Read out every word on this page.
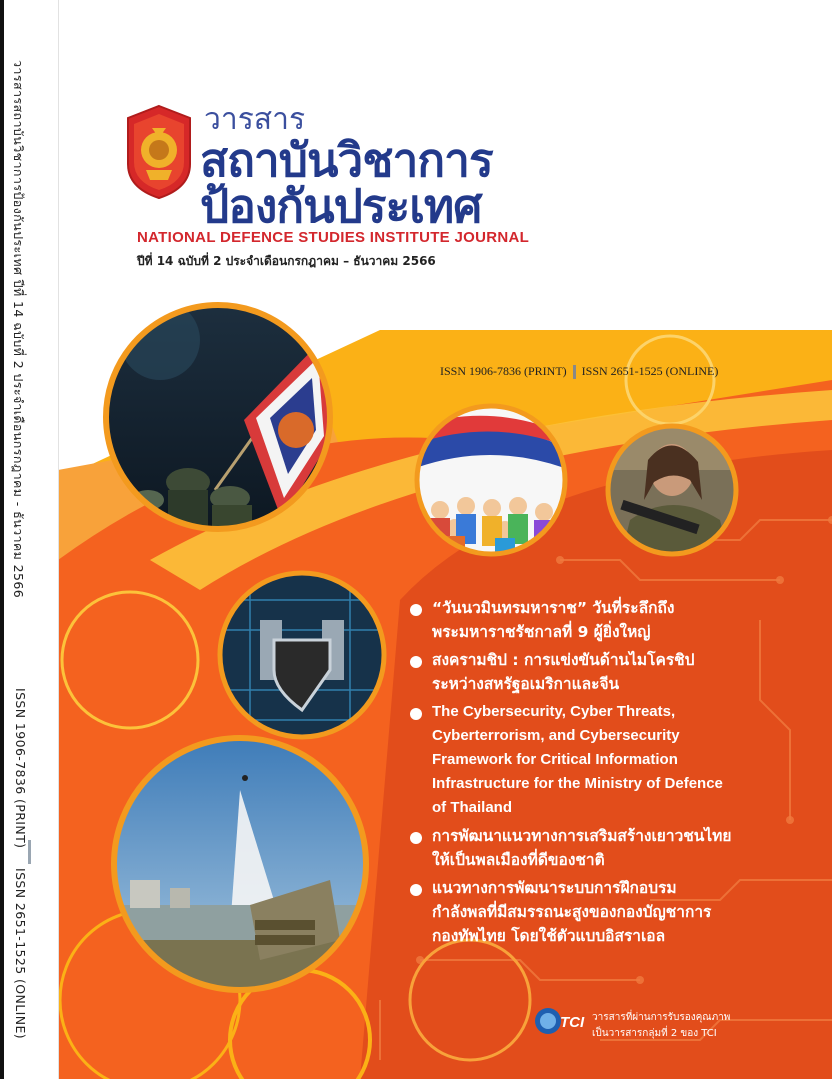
วารสาร
สถาบันวิชาการ
ป้องกันประเทศ
NATIONAL DEFENCE STUDIES INSTITUTE JOURNAL
ปีที่ 14 ฉบับที่ 2 ประจำเดือนกรกฎาคม – ธันวาคม 2566
ISSN 1906-7836 (PRINT) ISSN 2651-1525 (ONLINE)
“วันนวมินทรมหาราช” วันที่ระลึกถึง
พระมหาราชรัชกาลที่ 9 ผู้ยิ่งใหญ่
สงครามชิป : การแข่งขันด้านไมโครชิป
ระหว่างสหรัฐอเมริกาและจีน
The Cybersecurity, Cyber Threats,
Cyberterrorism, and Cybersecurity
Framework for Critical Information
Infrastructure for the Ministry of Defence
of Thailand
การพัฒนาแนวทางการเสริมสร้างเยาวชนไทย
ให้เป็นพลเมืองที่ดีของชาติ
แนวทางการพัฒนาระบบการฝึกอบรม
กำลังพลที่มีสมรรถนะสูงของกองบัญชาการ
กองทัพไทย โดยใช้ตัวแบบอิสราเอล
TCI วารสารที่ผ่านการรับรองคุณภาพ
เป็นวารสารกลุ่มที่ 2 ของ TCI
วารสารสถาบันวิชาการป้องกันประเทศ ปีที่ 14 ฉบับที่ 2 ประจำเดือนกรกฎาคม - ธันวาคม 2566
ISSN 1906-7836 (PRINT)
ISSN 2651-1525 (ONLINE)
